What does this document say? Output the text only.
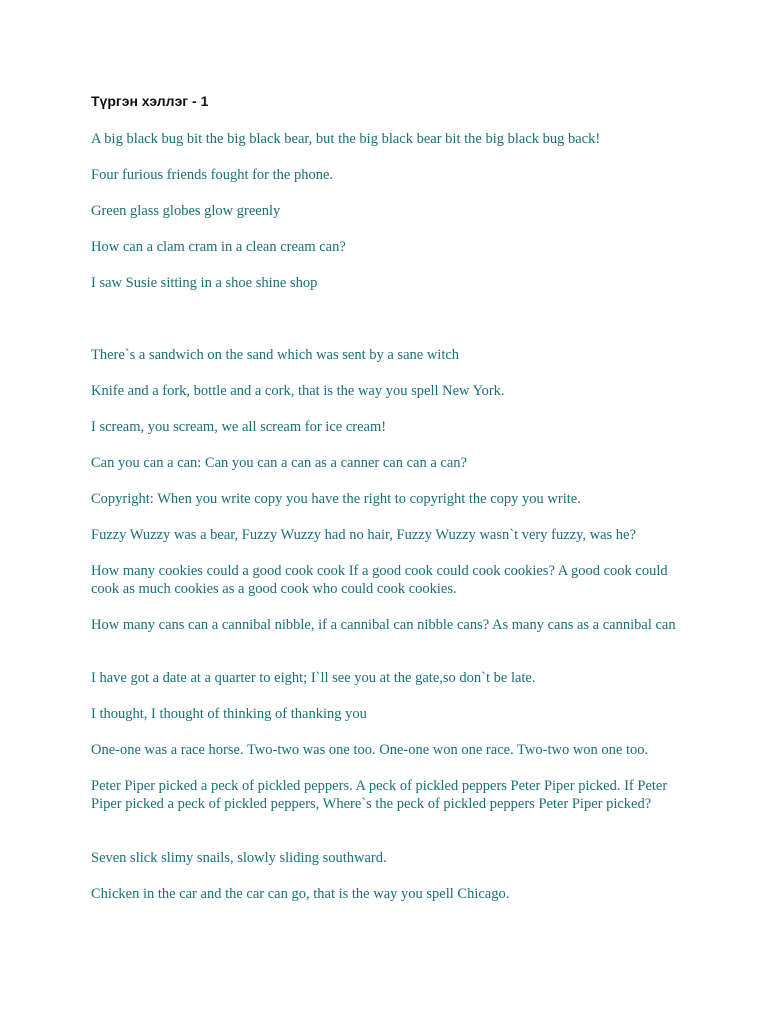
Түргэн хэллэг - 1

A big black bug bit the big black bear, but the big black bear bit the big black bug back!

Four furious friends fought for the phone.

Green glass globes glow greenly

How can a clam cram in a clean cream can?

I saw Susie sitting in a shoe shine shop

There`s a sandwich on the sand which was sent by a sane witch

Knife and a fork, bottle and a cork, that is the way you spell New York.

I scream, you scream, we all scream for ice cream!

Can you can a can: Can you can a can as a canner can can a can?

Copyright: When you write copy you have the right to copyright the copy you write.

Fuzzy Wuzzy was a bear, Fuzzy Wuzzy had no hair, Fuzzy Wuzzy wasn`t very fuzzy, was he?

How many cookies could a good cook cook If a good cook could cook cookies? A good cook could cook as much cookies as a good cook who could cook cookies.

How many cans can a cannibal nibble, if a cannibal can nibble cans? As many cans as a cannibal can

I have got a date at a quarter to eight; I`ll see you at the gate,so don`t be late.

I thought, I thought of thinking of thanking you

One-one was a race horse. Two-two was one too. One-one won one race. Two-two won one too.

Peter Piper picked a peck of pickled peppers. A peck of pickled peppers Peter Piper picked. If Peter Piper picked a peck of pickled peppers, Where`s the peck of pickled peppers Peter Piper picked?

Seven slick slimy snails, slowly sliding southward.

Chicken in the car and the car can go, that is the way you spell Chicago.
